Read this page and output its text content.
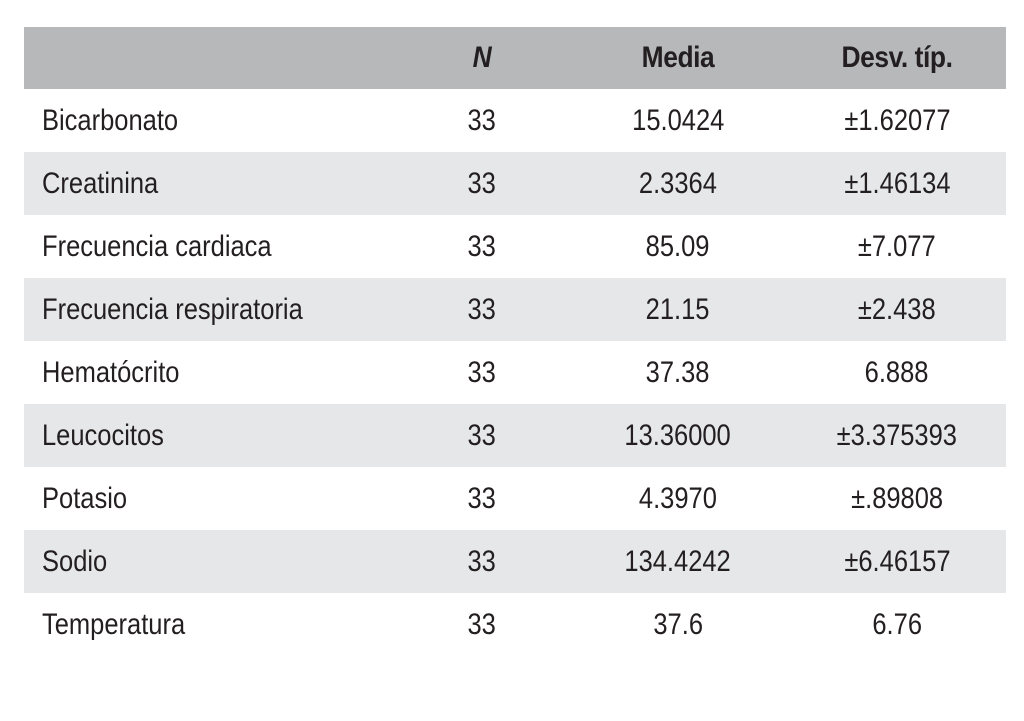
	N	Media	Desv. típ.
Bicarbonato	33	15.0424	±1.62077
Creatinina	33	2.3364	±1.46134
Frecuencia cardiaca	33	85.09	±7.077
Frecuencia respiratoria	33	21.15	±2.438
Hematócrito	33	37.38	6.888
Leucocitos	33	13.36000	±3.375393
Potasio	33	4.3970	±.89808
Sodio	33	134.4242	±6.46157
Temperatura	33	37.6	6.76
